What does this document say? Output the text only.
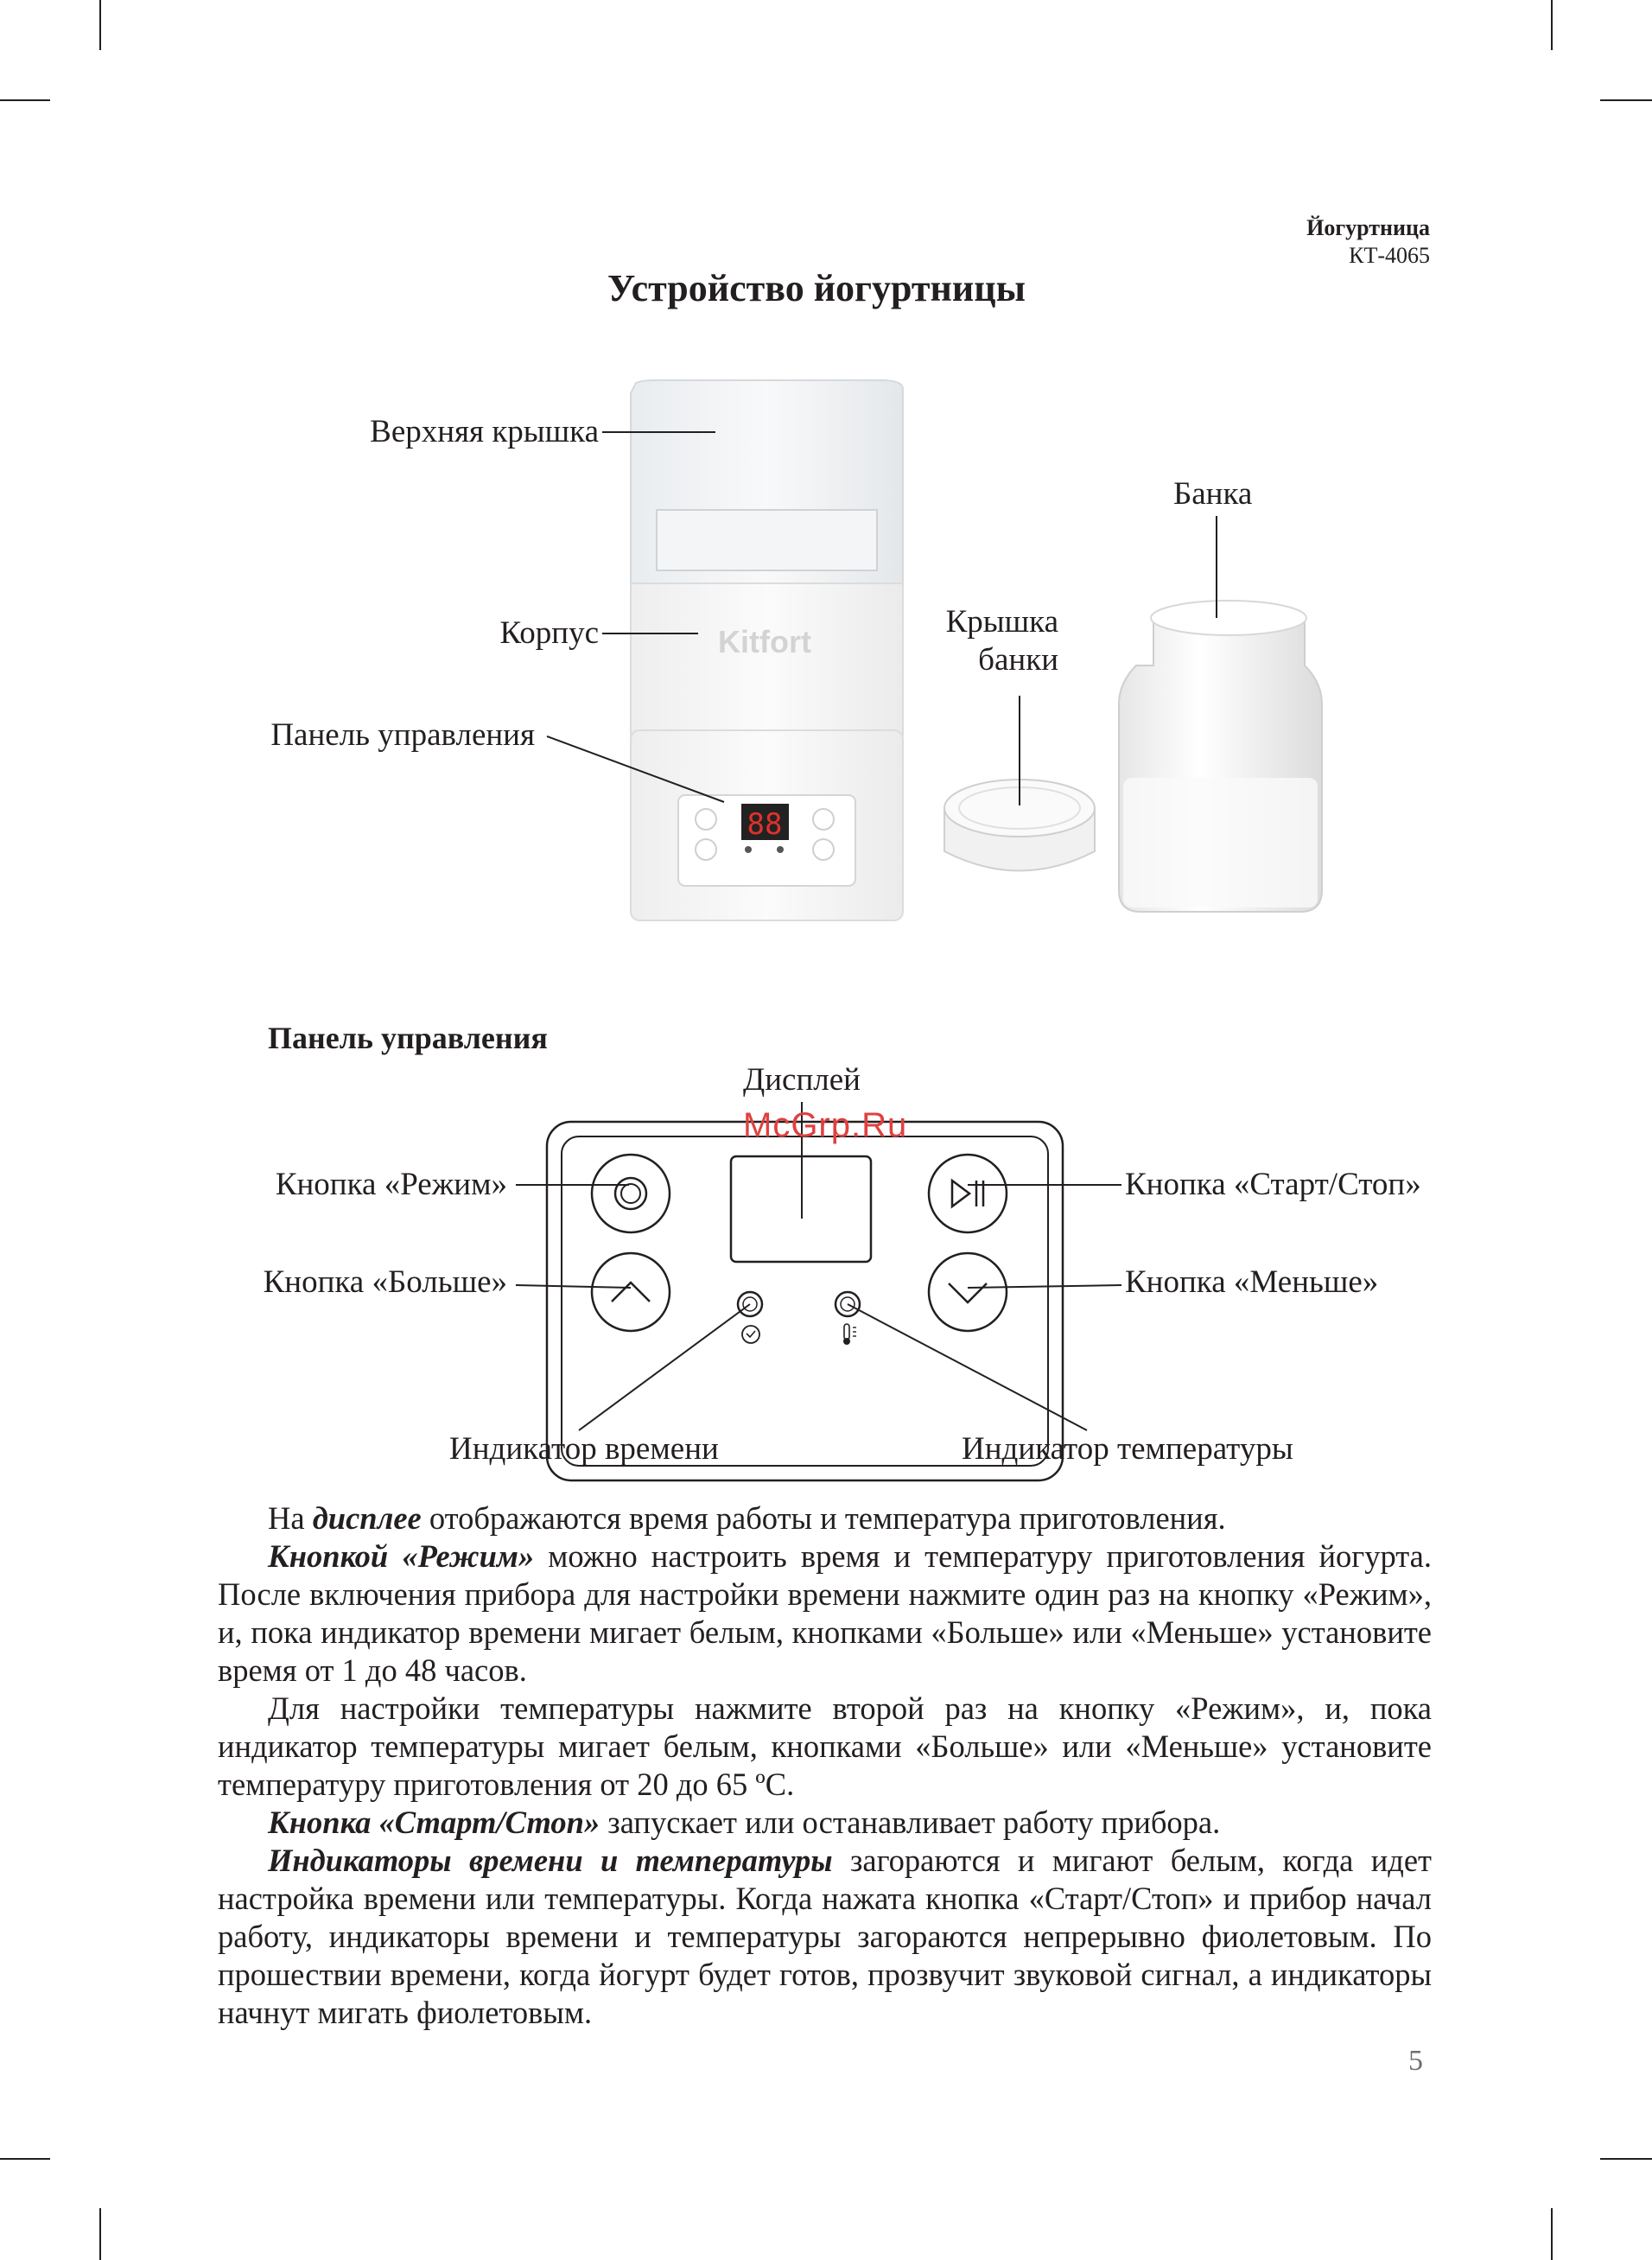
Йогуртница
КТ-4065
Устройство йогуртницы
Kitfort
88
Верхняя крышка
Корпус
Панель управления
Крышка
банки
Банка
Панель управления
McGrp.Ru
Дисплей
Кнопка «Режим»
Кнопка «Больше»
Кнопка «Старт/Стоп»
Кнопка «Меньше»
Индикатор времени	Индикатор температуры

На дисплее отображаются время работы и температура приготовления.

Кнопкой «Режим» можно настроить время и температуру приготовления йогурта. После включения прибора для настройки времени нажмите один раз на кнопку «Режим», и, пока индикатор времени мигает белым, кнопками «Больше» или «Меньше» установите время от 1 до 48 часов.

Для настройки температуры нажмите второй раз на кнопку «Режим», и, пока индикатор температуры мигает белым, кнопками «Больше» или «Меньше» установите температуру приготовления от 20 до 65 ºС.

Кнопка «Старт/Стоп» запускает или останавливает работу прибора.

Индикаторы времени и температуры загораются и мигают белым, когда идет настройка времени или температуры. Когда нажата кнопка «Старт/Стоп» и прибор начал работу, индикаторы времени и температуры загораются непрерывно фиолетовым. По прошествии времени, когда йогурт будет готов, прозвучит звуковой сигнал, а индикаторы начнут мигать фиолетовым.

5
